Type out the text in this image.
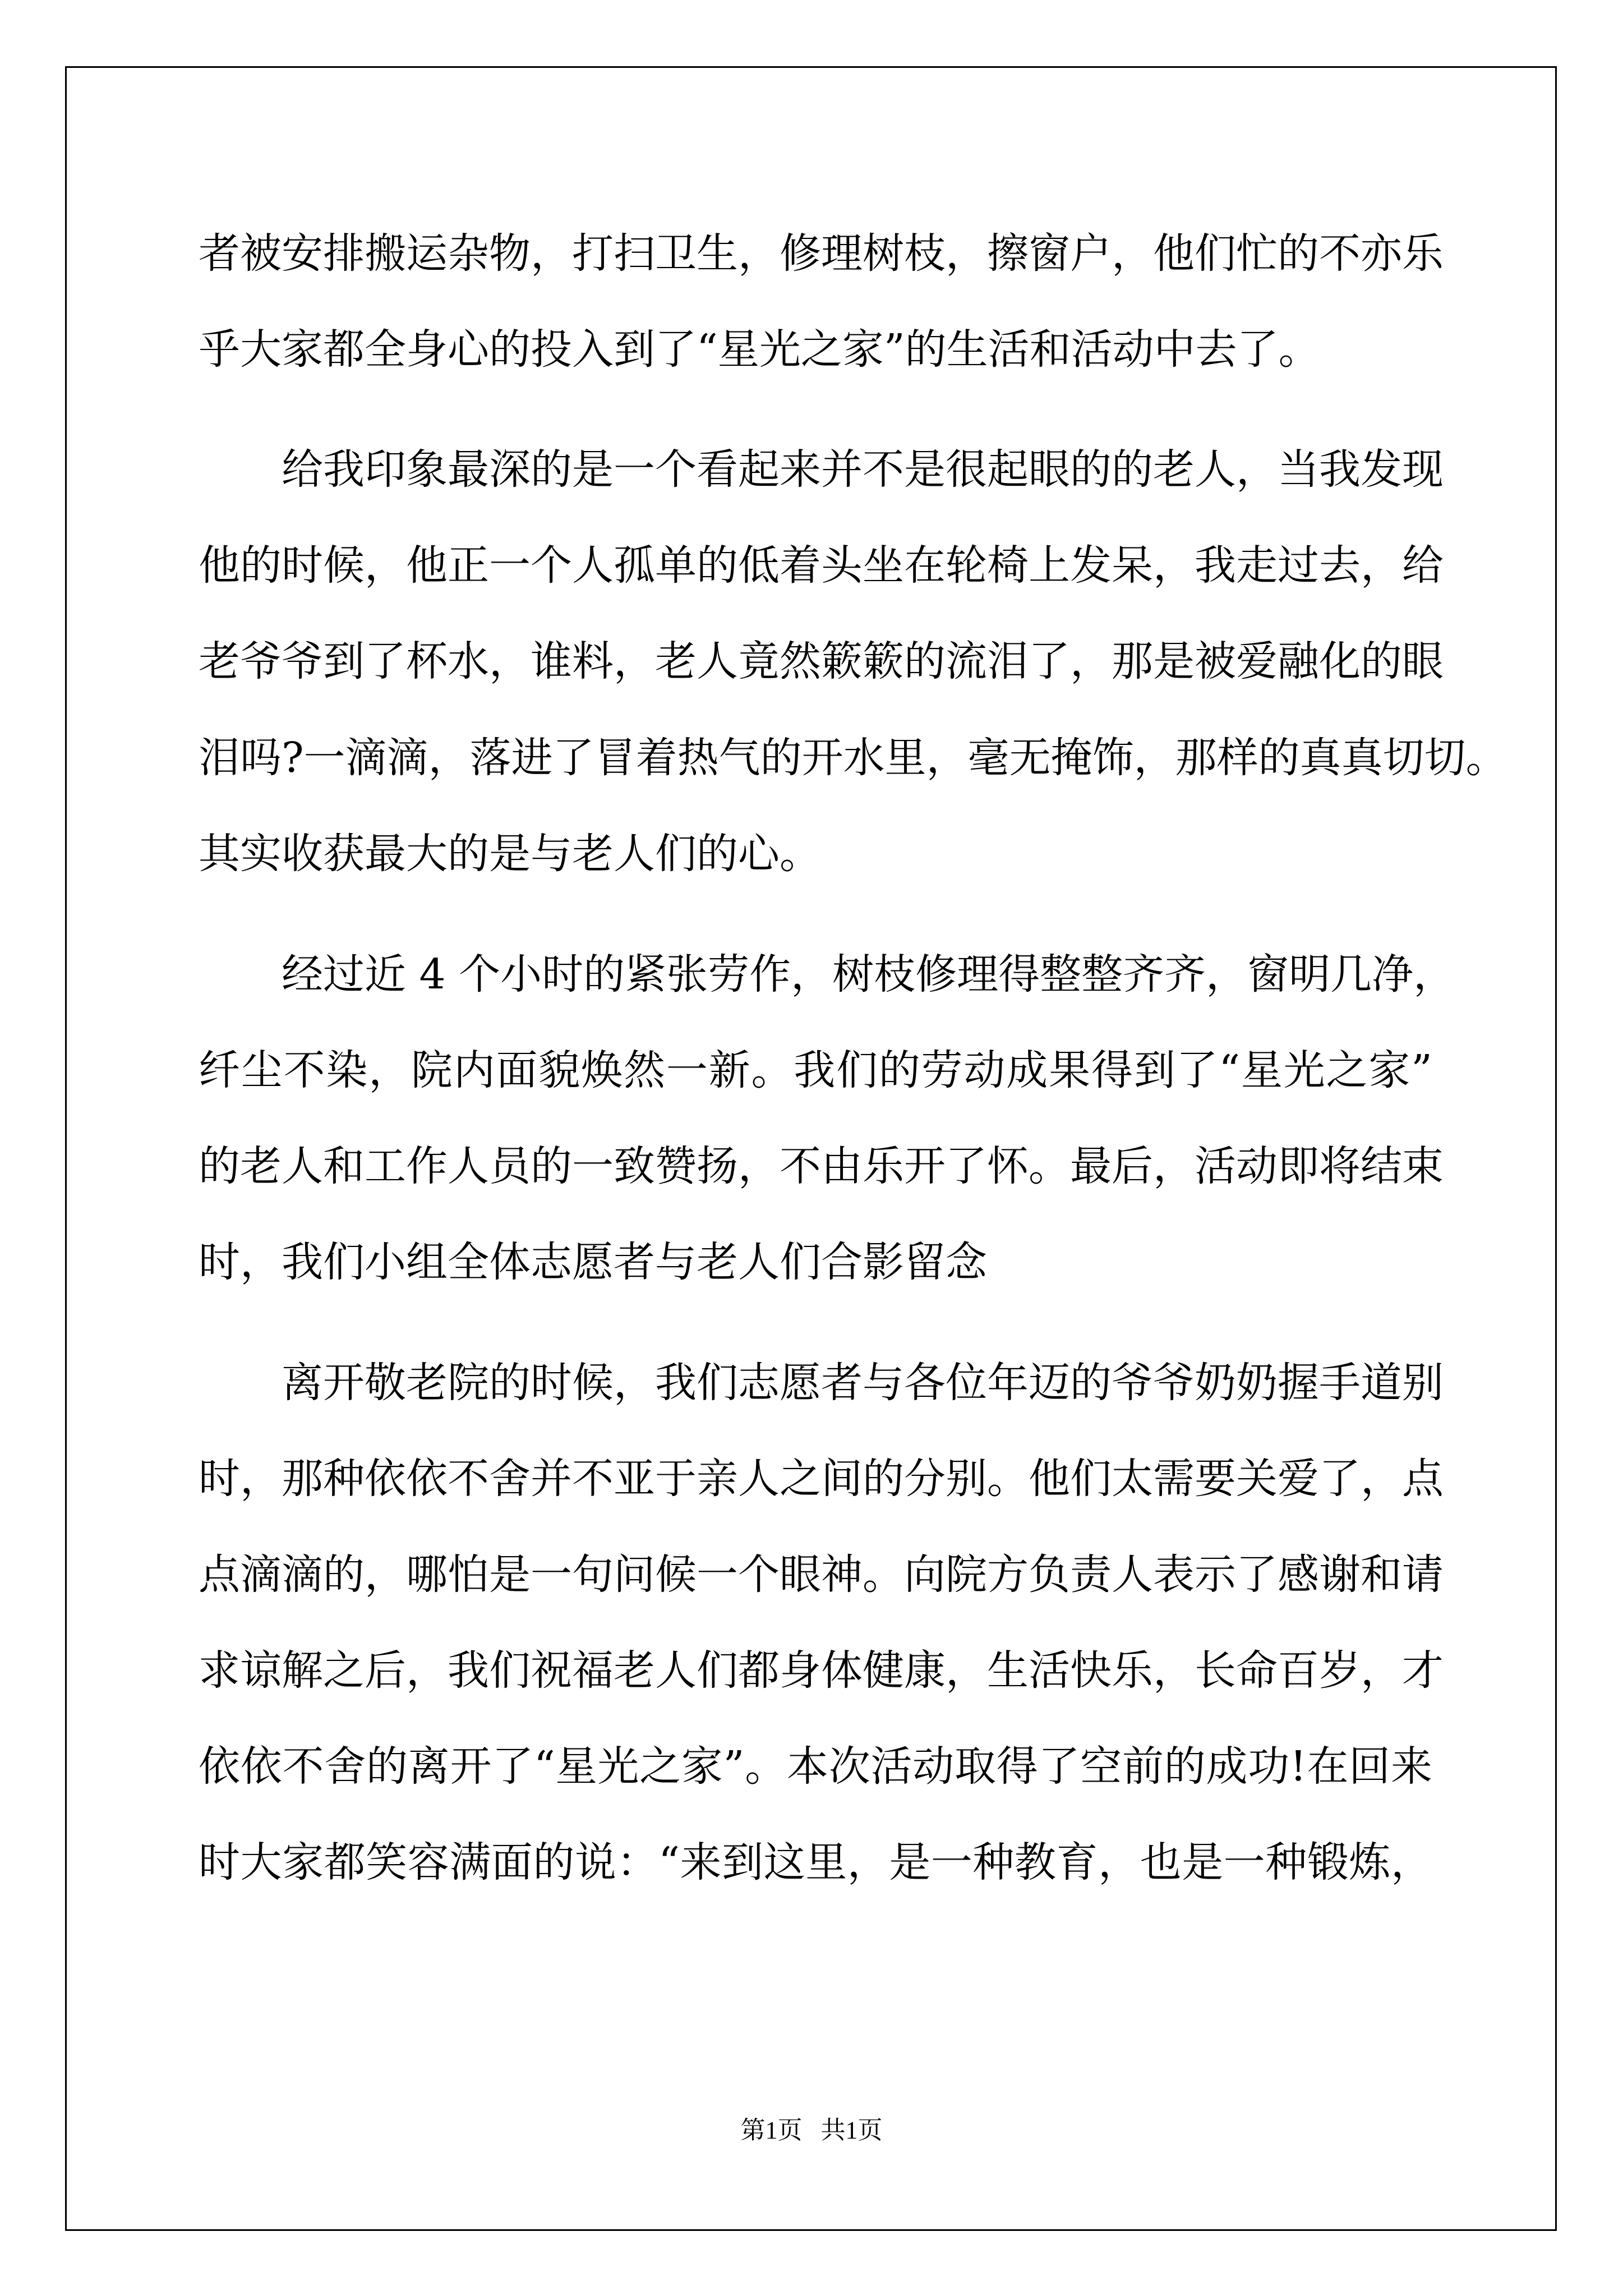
者被安排搬运杂物，打扫卫生，修理树枝，擦窗户，他们忙的不亦乐
乎大家都全身心的投入到了“星光之家”的生活和活动中去了。
给我印象最深的是一个看起来并不是很起眼的的老人，当我发现
他的时候，他正一个人孤单的低着头坐在轮椅上发呆，我走过去，给
老爷爷到了杯水，谁料，老人竟然簌簌的流泪了，那是被爱融化的眼
泪吗?一滴滴，落进了冒着热气的开水里，毫无掩饰，那样的真真切切。
其实收获最大的是与老人们的心。
经过近 4 个小时的紧张劳作，树枝修理得整整齐齐，窗明几净，
纤尘不染，院内面貌焕然一新。我们的劳动成果得到了“星光之家”
的老人和工作人员的一致赞扬，不由乐开了怀。最后，活动即将结束
时，我们小组全体志愿者与老人们合影留念
离开敬老院的时候，我们志愿者与各位年迈的爷爷奶奶握手道别
时，那种依依不舍并不亚于亲人之间的分别。他们太需要关爱了，点
点滴滴的，哪怕是一句问候一个眼神。向院方负责人表示了感谢和请
求谅解之后，我们祝福老人们都身体健康，生活快乐，长命百岁，才
依依不舍的离开了“星光之家”。本次活动取得了空前的成功!在回来
时大家都笑容满面的说：“来到这里，是一种教育，也是一种锻炼，
第1页   共1页
